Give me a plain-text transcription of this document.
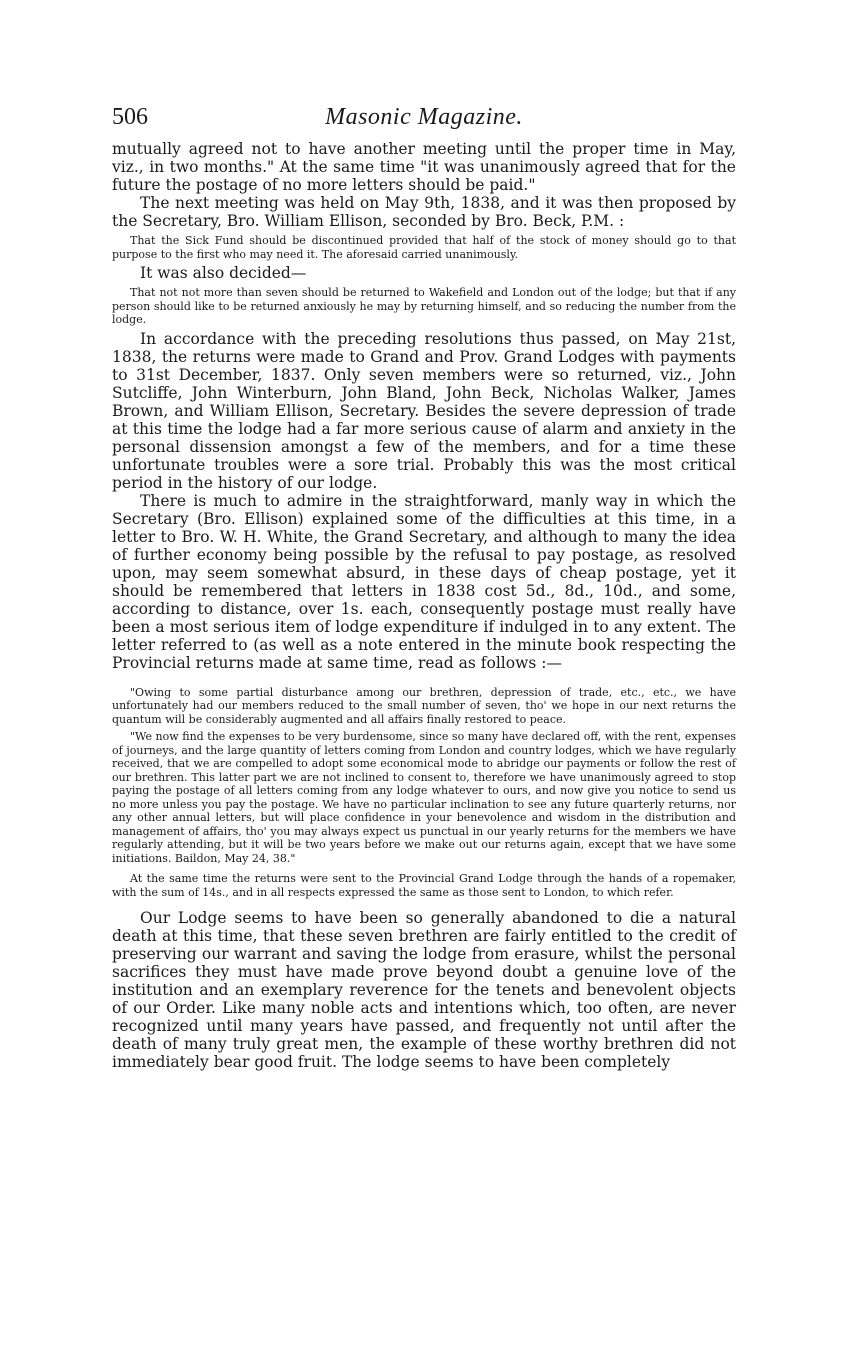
506	Masonic Magazine.

mutually agreed not to have another meeting until the proper time in May, viz., in two months." At the same time "it was unanimously agreed that for the future the postage of no more letters should be paid."

The next meeting was held on May 9th, 1838, and it was then proposed by the Secretary, Bro. William Ellison, seconded by Bro. Beck, P.M. :

That the Sick Fund should be discontinued provided that half of the stock of money should go to that purpose to the first who may need it. The aforesaid carried unanimously.

It was also decided—

That not not more than seven should be returned to Wakefield and London out of the lodge; but that if any person should like to be returned anxiously he may by returning himself, and so reducing the number from the lodge.

In accordance with the preceding resolutions thus passed, on May 21st, 1838, the returns were made to Grand and Prov. Grand Lodges with payments to 31st December, 1837. Only seven members were so returned, viz., John Sutcliffe, John Winterburn, John Bland, John Beck, Nicholas Walker, James Brown, and William Ellison, Secretary. Besides the severe depression of trade at this time the lodge had a far more serious cause of alarm and anxiety in the personal dissension amongst a few of the members, and for a time these unfortunate troubles were a sore trial. Probably this was the most critical period in the history of our lodge.

There is much to admire in the straightforward, manly way in which the Secretary (Bro. Ellison) explained some of the difficulties at this time, in a letter to Bro. W. H. White, the Grand Secretary, and although to many the idea of further economy being possible by the refusal to pay postage, as resolved upon, may seem somewhat absurd, in these days of cheap postage, yet it should be remembered that letters in 1838 cost 5d., 8d., 10d., and some, according to distance, over 1s. each, consequently postage must really have been a most serious item of lodge expenditure if indulged in to any extent. The letter referred to (as well as a note entered in the minute book respecting the Provincial returns made at same time, read as follows :—

"Owing to some partial disturbance among our brethren, depression of trade, etc., etc., we have unfortunately had our members reduced to the small number of seven, tho' we hope in our next returns the quantum will be considerably augmented and all affairs finally restored to peace.

"We now find the expenses to be very burdensome, since so many have declared off, with the rent, expenses of journeys, and the large quantity of letters coming from London and country lodges, which we have regularly received, that we are compelled to adopt some economical mode to abridge our payments or follow the rest of our brethren. This latter part we are not inclined to consent to, therefore we have unanimously agreed to stop paying the postage of all letters coming from any lodge whatever to ours, and now give you notice to send us no more unless you pay the postage. We have no particular inclination to see any future quarterly returns, nor any other annual letters, but will place confidence in your benevolence and wisdom in the distribution and management of affairs, tho' you may always expect us punctual in our yearly returns for the members we have regularly attending, but it will be two years before we make out our returns again, except that we have some initiations. Baildon, May 24, 38."

At the same time the returns were sent to the Provincial Grand Lodge through the hands of a ropemaker, with the sum of 14s., and in all respects expressed the same as those sent to London, to which refer.

Our Lodge seems to have been so generally abandoned to die a natural death at this time, that these seven brethren are fairly entitled to the credit of preserving our warrant and saving the lodge from erasure, whilst the personal sacrifices they must have made prove beyond doubt a genuine love of the institution and an exemplary reverence for the tenets and benevolent objects of our Order. Like many noble acts and intentions which, too often, are never recognized until many years have passed, and frequently not until after the death of many truly great men, the example of these worthy brethren did not immediately bear good fruit. The lodge seems to have been completely
